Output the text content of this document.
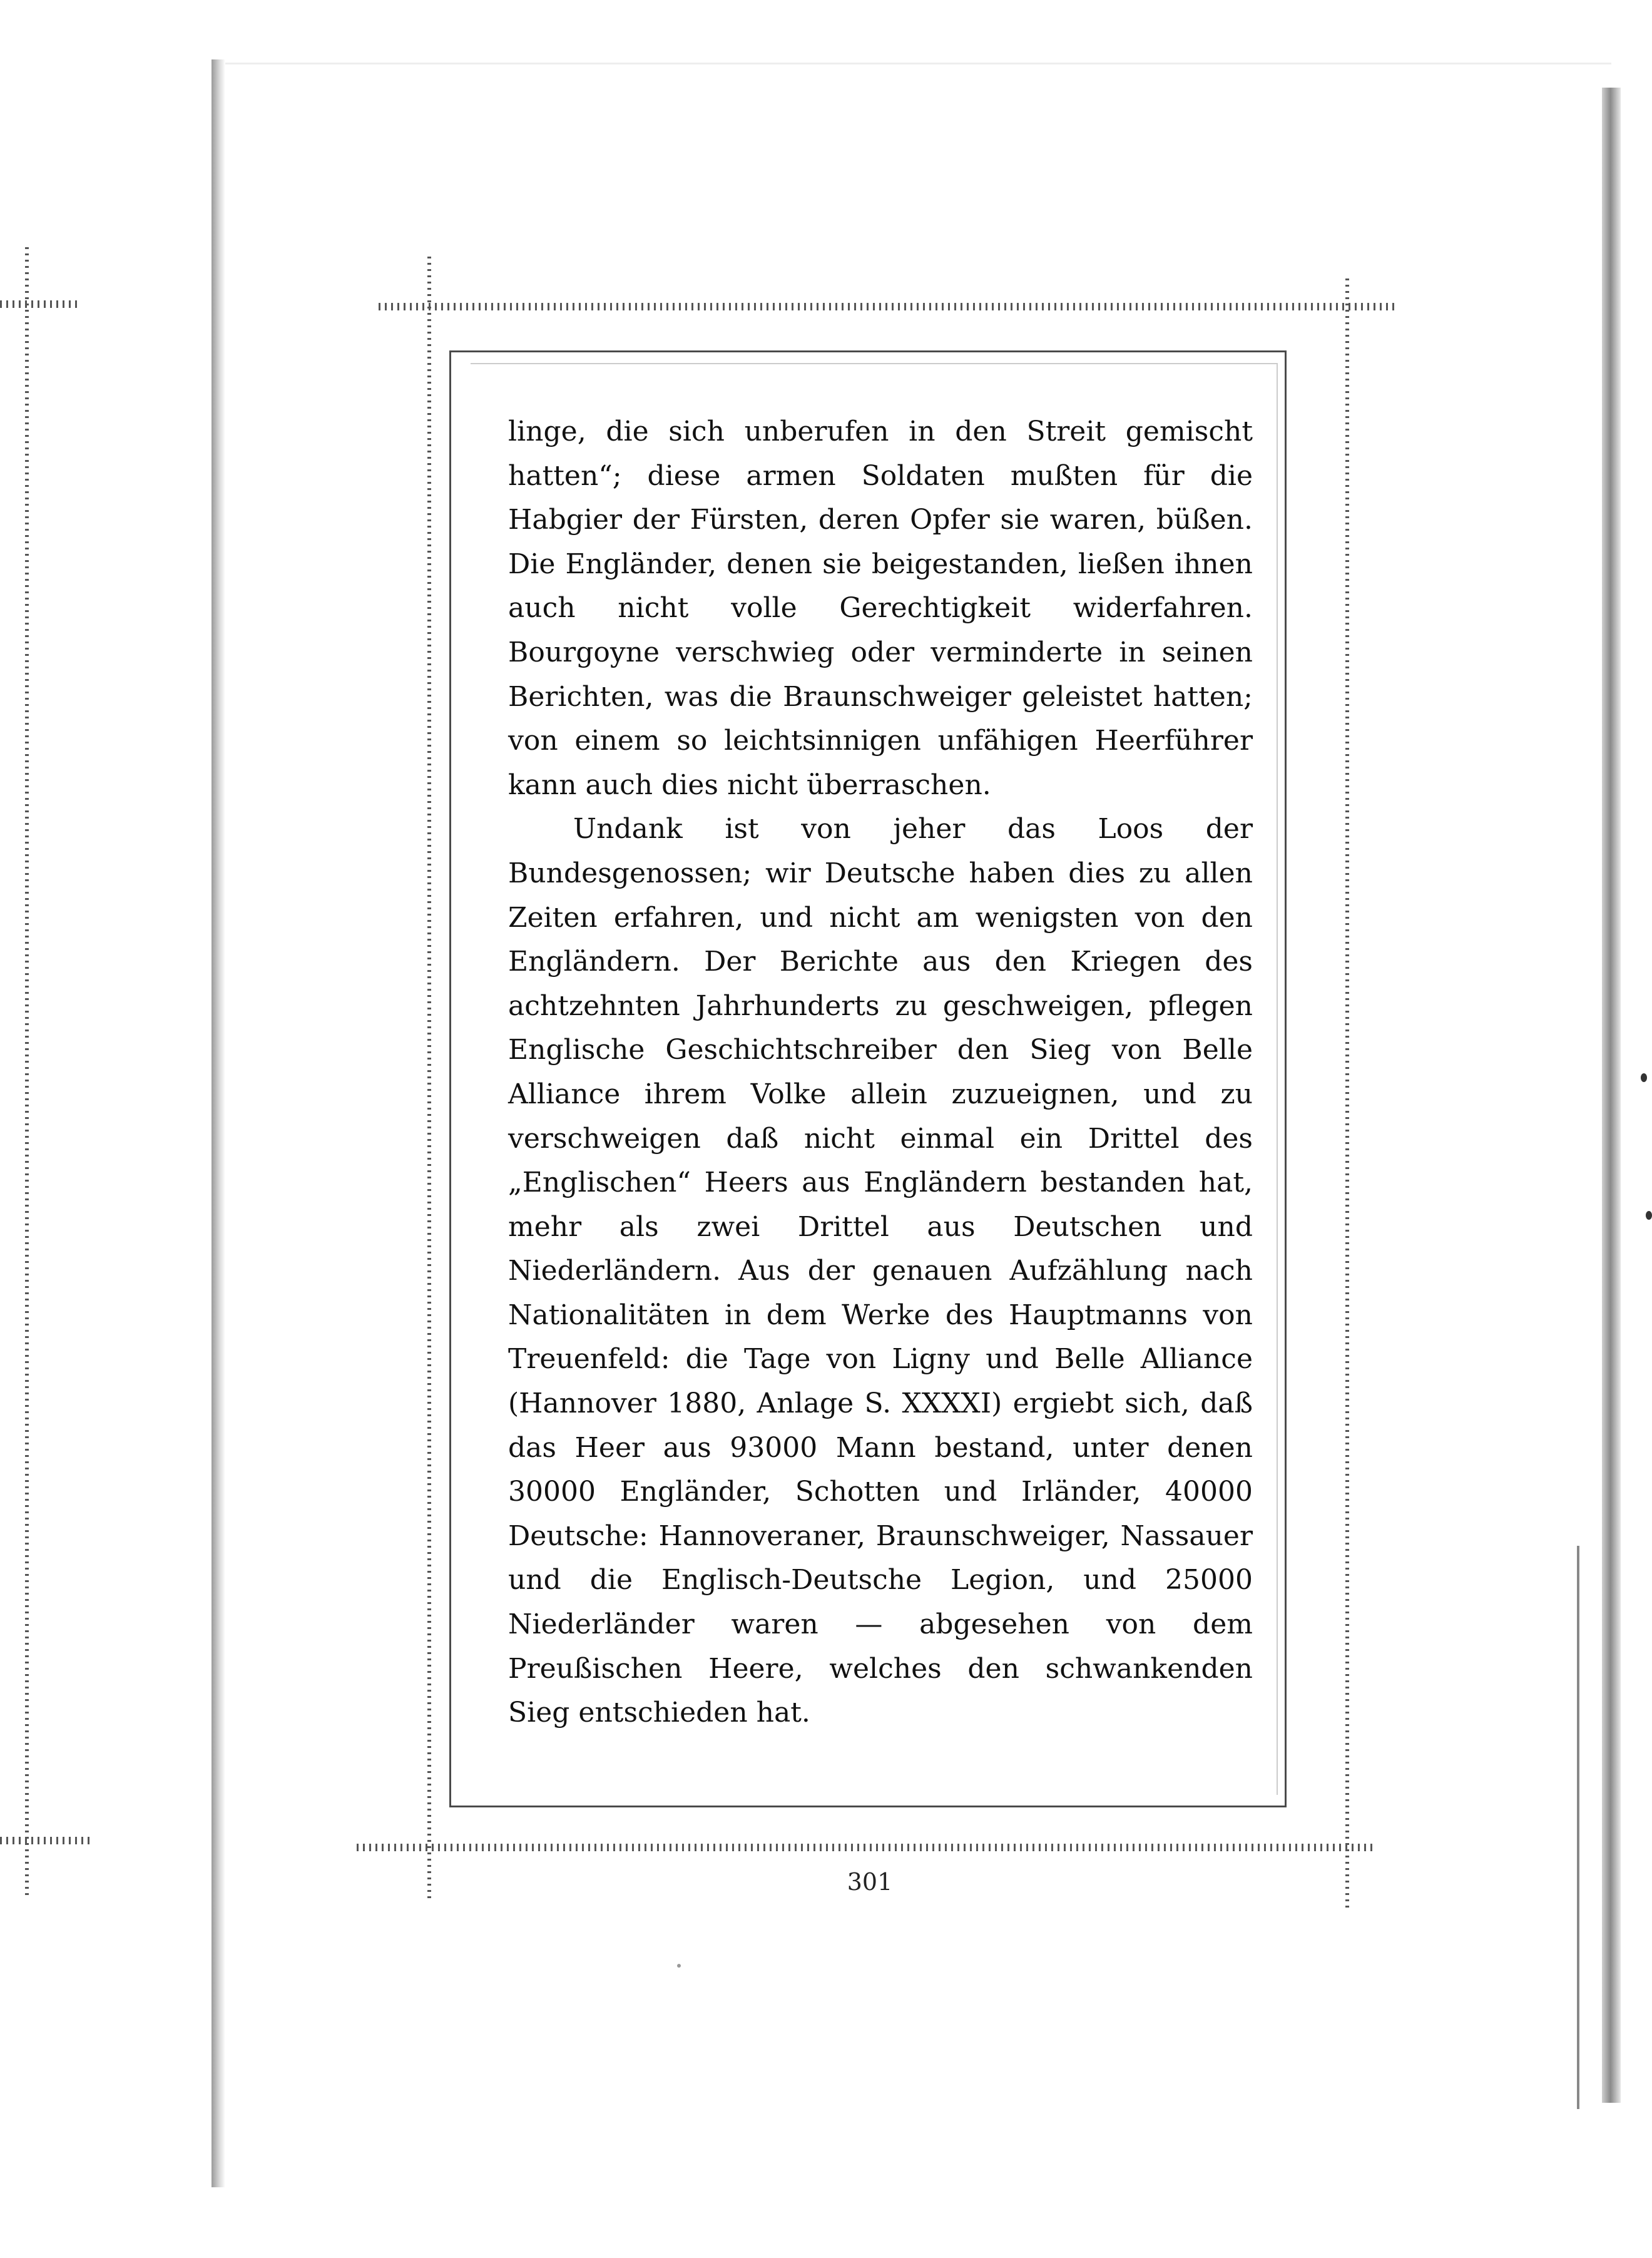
linge, die sich unberufen in den Streit gemischt hatten“; diese armen Soldaten mußten für die Habgier der Fürsten, deren Opfer sie waren, büßen. Die Engländer, denen sie beigestanden, ließen ihnen auch nicht volle Gerechtigkeit widerfahren. Bourgoyne verschwieg oder verminderte in seinen Berichten, was die Braunschweiger geleistet hatten; von einem so leichtsinnigen unfähigen Heerführer kann auch dies nicht überraschen.

Undank ist von jeher das Loos der Bundesgenossen; wir Deutsche haben dies zu allen Zeiten erfahren, und nicht am wenigsten von den Engländern. Der Berichte aus den Kriegen des achtzehnten Jahrhunderts zu geschweigen, pflegen Englische Geschichtschreiber den Sieg von Belle Alliance ihrem Volke allein zuzueignen, und zu verschweigen daß nicht einmal ein Drittel des „Englischen“ Heers aus Engländern bestanden hat, mehr als zwei Drittel aus Deutschen und Niederländern. Aus der genauen Aufzählung nach Nationalitäten in dem Werke des Hauptmanns von Treuenfeld: die Tage von Ligny und Belle Alliance (Hannover 1880, Anlage S. XXXXI) ergiebt sich, daß das Heer aus 93000 Mann bestand, unter denen 30000 Engländer, Schotten und Irländer, 40000 Deutsche: Hannoveraner, Braunschweiger, Nassauer und die Englisch-Deutsche Legion, und 25000 Niederländer waren — abgesehen von dem Preußischen Heere, welches den schwankenden Sieg entschieden hat.

301
